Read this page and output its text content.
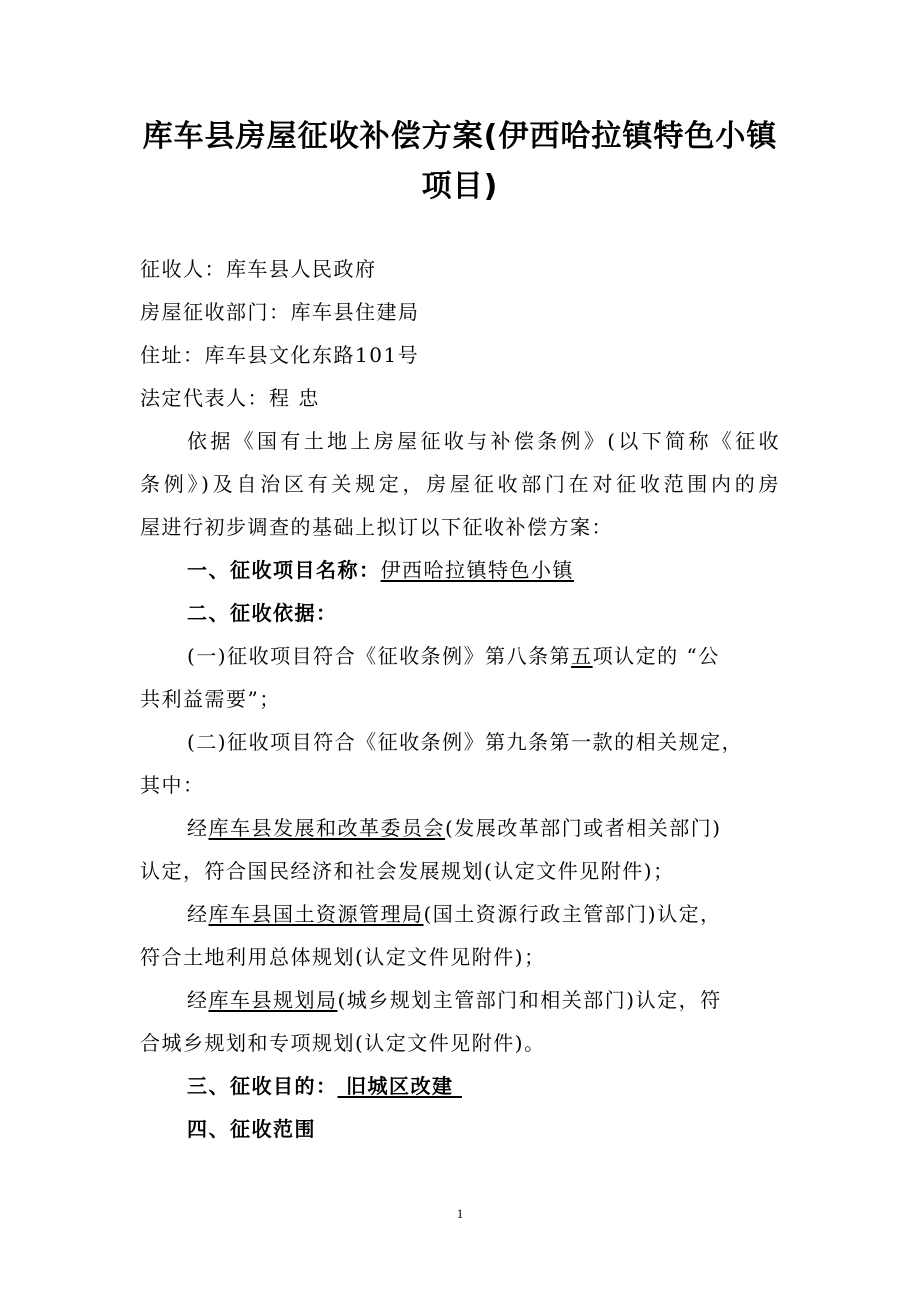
库车县房屋征收补偿方案(伊西哈拉镇特色小镇
项目)
征收人：库车县人民政府
房屋征收部门：库车县住建局
住址：库车县文化东路101号
法定代表人：程 忠
依据《国有土地上房屋征收与补偿条例》(以下简称《征收
条例》)及自治区有关规定，房屋征收部门在对征收范围内的房
屋进行初步调查的基础上拟订以下征收补偿方案：
一、征收项目名称：伊西哈拉镇特色小镇
二、征收依据：
(一)征收项目符合《征收条例》第八条第五项认定的 “公
共利益需要”；
(二)征收项目符合《征收条例》第九条第一款的相关规定，
其中：
经库车县发展和改革委员会(发展改革部门或者相关部门)
认定，符合国民经济和社会发展规划(认定文件见附件)；
经库车县国土资源管理局(国土资源行政主管部门)认定，
符合土地利用总体规划(认定文件见附件)；
经库车县规划局(城乡规划主管部门和相关部门)认定，符
合城乡规划和专项规划(认定文件见附件)。
三、征收目的： 旧城区改建
四、征收范围
1
